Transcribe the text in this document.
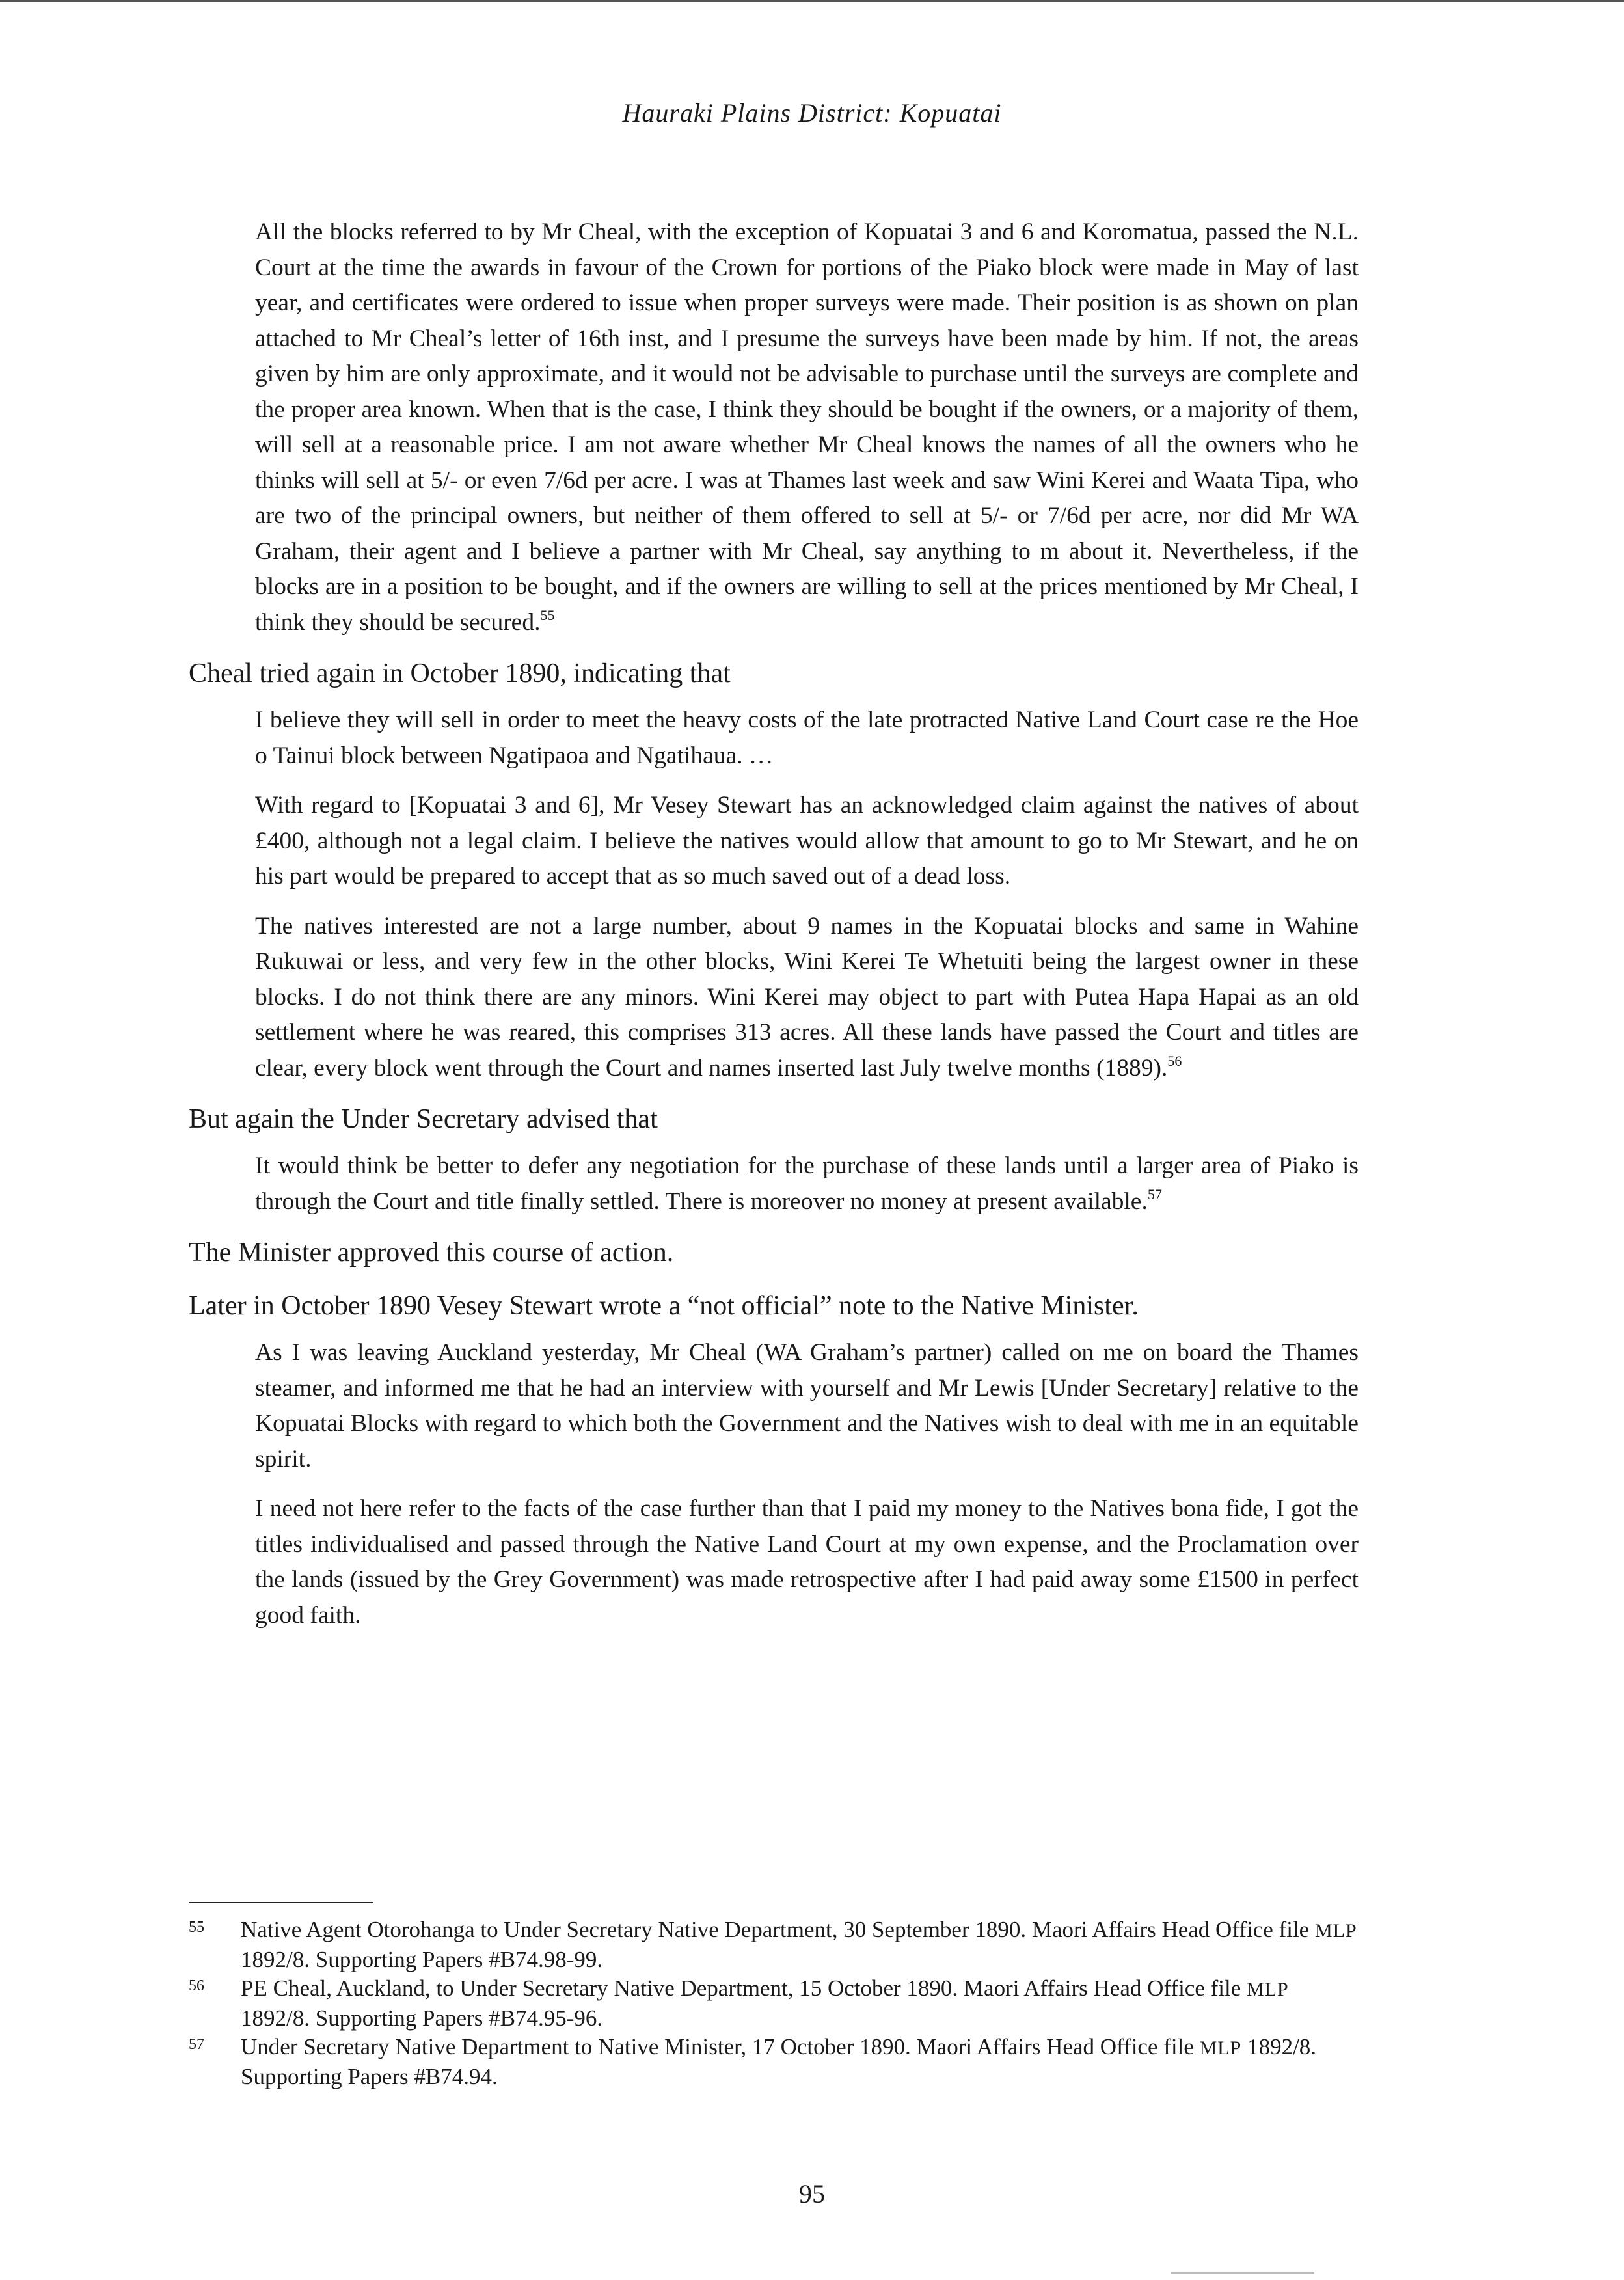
Hauraki Plains District: Kopuatai
All the blocks referred to by Mr Cheal, with the exception of Kopuatai 3 and 6 and Koromatua, passed the N.L. Court at the time the awards in favour of the Crown for portions of the Piako block were made in May of last year, and certificates were ordered to issue when proper surveys were made. Their position is as shown on plan attached to Mr Cheal’s letter of 16th inst, and I presume the surveys have been made by him. If not, the areas given by him are only approximate, and it would not be advisable to purchase until the surveys are complete and the proper area known. When that is the case, I think they should be bought if the owners, or a majority of them, will sell at a reasonable price. I am not aware whether Mr Cheal knows the names of all the owners who he thinks will sell at 5/- or even 7/6d per acre. I was at Thames last week and saw Wini Kerei and Waata Tipa, who are two of the principal owners, but neither of them offered to sell at 5/- or 7/6d per acre, nor did Mr WA Graham, their agent and I believe a partner with Mr Cheal, say anything to m about it. Nevertheless, if the blocks are in a position to be bought, and if the owners are willing to sell at the prices mentioned by Mr Cheal, I think they should be secured.$^{55}$
Cheal tried again in October 1890, indicating that
I believe they will sell in order to meet the heavy costs of the late protracted Native Land Court case re the Hoe o Tainui block between Ngatipaoa and Ngatihaua. …
With regard to [Kopuatai 3 and 6], Mr Vesey Stewart has an acknowledged claim against the natives of about £400, although not a legal claim. I believe the natives would allow that amount to go to Mr Stewart, and he on his part would be prepared to accept that as so much saved out of a dead loss.
The natives interested are not a large number, about 9 names in the Kopuatai blocks and same in Wahine Rukuwai or less, and very few in the other blocks, Wini Kerei Te Whetuiti being the largest owner in these blocks. I do not think there are any minors. Wini Kerei may object to part with Putea Hapa Hapai as an old settlement where he was reared, this comprises 313 acres. All these lands have passed the Court and titles are clear, every block went through the Court and names inserted last July twelve months (1889).$^{56}$
But again the Under Secretary advised that
It would think be better to defer any negotiation for the purchase of these lands until a larger area of Piako is through the Court and title finally settled. There is moreover no money at present available.$^{57}$
The Minister approved this course of action.
Later in October 1890 Vesey Stewart wrote a “not official” note to the Native Minister.
As I was leaving Auckland yesterday, Mr Cheal (WA Graham’s partner) called on me on board the Thames steamer, and informed me that he had an interview with yourself and Mr Lewis [Under Secretary] relative to the Kopuatai Blocks with regard to which both the Government and the Natives wish to deal with me in an equitable spirit.
I need not here refer to the facts of the case further than that I paid my money to the Natives bona fide, I got the titles individualised and passed through the Native Land Court at my own expense, and the Proclamation over the lands (issued by the Grey Government) was made retrospective after I had paid away some £1500 in perfect good faith.
55	Native Agent Otorohanga to Under Secretary Native Department, 30 September 1890. Maori Affairs Head Office file MLP 1892/8. Supporting Papers #B74.98-99.
56	PE Cheal, Auckland, to Under Secretary Native Department, 15 October 1890. Maori Affairs Head Office file MLP 1892/8. Supporting Papers #B74.95-96.
57	Under Secretary Native Department to Native Minister, 17 October 1890. Maori Affairs Head Office file MLP 1892/8. Supporting Papers #B74.94.
95
